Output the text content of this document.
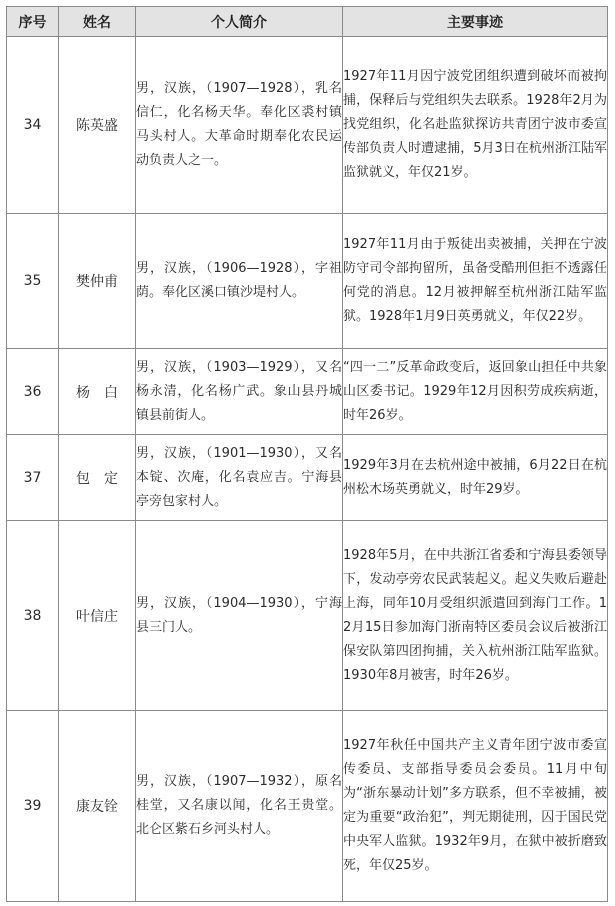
序号	姓名	个人简介	主要事迹
34	陈英盛	男，汉族，（1907—1928），乳名信仁，化名杨天华。奉化区裘村镇马头村人。大革命时期奉化农民运动负责人之一。	1927年11月因宁波党团组织遭到破坏而被拘捕，保释后与党组织失去联系。1928年2月为找党组织，化名赴监狱探访共青团宁波市委宣传部负责人时遭逮捕，5月3日在杭州浙江陆军监狱就义，年仅21岁。

35	樊仲甫	男，汉族，（1906—1928），字祖荫。奉化区溪口镇沙堤村人。	1927年11月由于叛徒出卖被捕，关押在宁波防守司令部拘留所，虽备受酷刑但拒不透露任何党的消息。12月被押解至杭州浙江陆军监狱。1928年1月9日英勇就义，年仅22岁。

36	杨　白	男，汉族，（1903—1929），又名杨永清，化名杨广武。象山县丹城镇县前街人。	“四一二”反革命政变后，返回象山担任中共象山区委书记。1929年12月因积劳成疾病逝，时年26岁。

37	包　定	男，汉族，（1901—1930），又名本锭、次庵，化名袁应吉。宁海县亭旁包家村人。	1929年3月在去杭州途中被捕，6月22日在杭州松木场英勇就义，时年29岁。

38	叶信庄	男，汉族，（1904—1930），宁海县三门人。	1928年5月，在中共浙江省委和宁海县委领导下，发动亭旁农民武装起义。起义失败后避赴上海，同年10月受组织派遣回到海门工作。12月15日参加海门浙南特区委员会议后被浙江保安队第四团拘捕，关入杭州浙江陆军监狱。1930年8月被害，时年26岁。

39	康友铨	男，汉族，（1907—1932），原名桂堂，又名康以闻，化名王贵堂。北仑区紫石乡河头村人。	1927年秋任中国共产主义青年团宁波市委宣传委员、支部指导委员会委员。11月中旬为“浙东暴动计划”多方联系，但不幸被捕，被定为重要“政治犯”，判无期徒刑，囚于国民党中央军人监狱。1932年9月，在狱中被折磨致死，年仅25岁。
